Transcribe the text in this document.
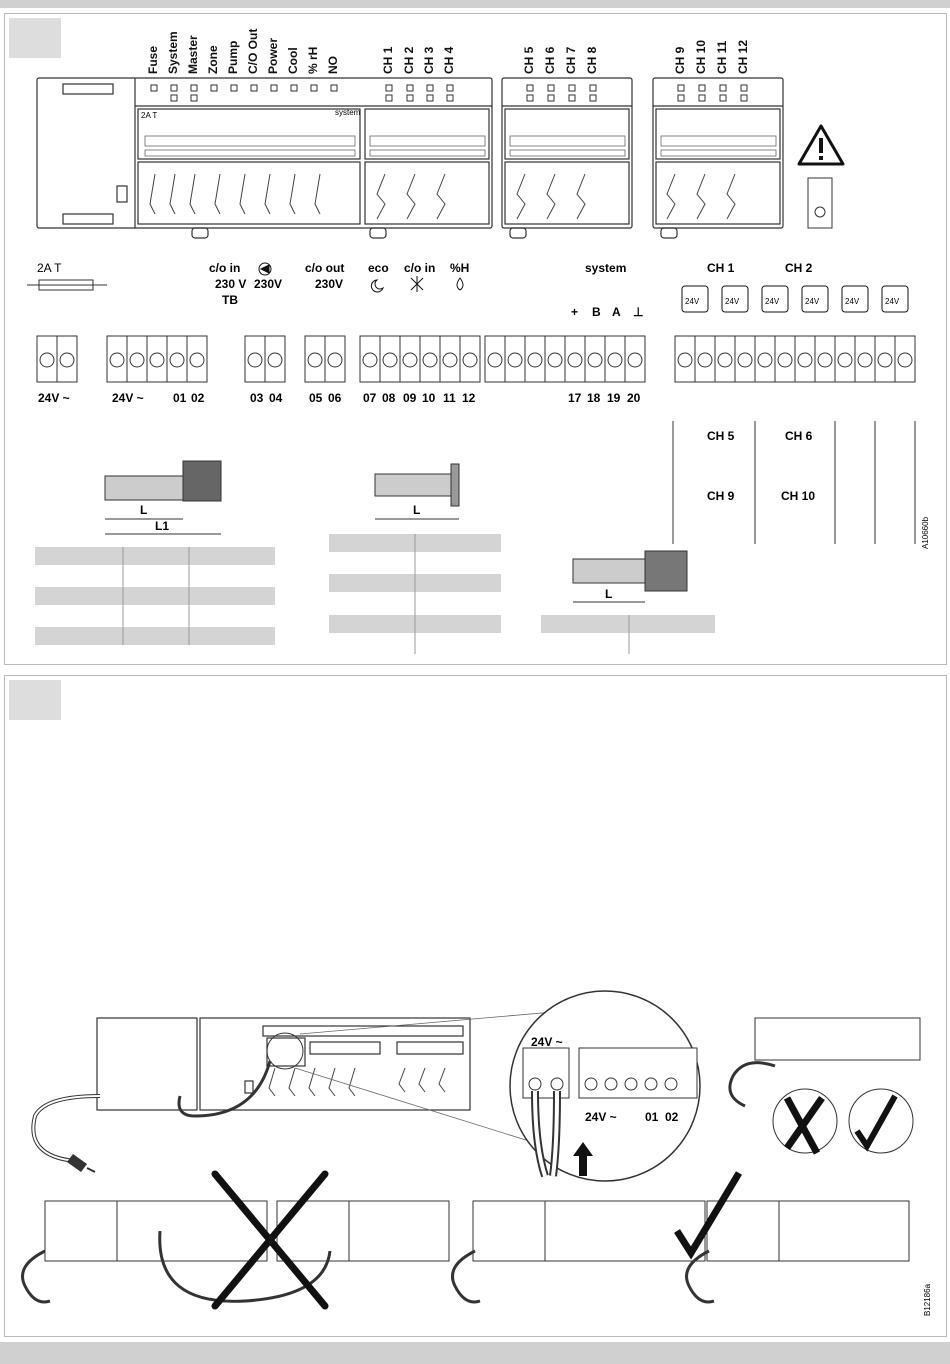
Fuse System Master Zone Pump C/O Out Power Cool % rH NO	CH 1 CH 2 CH 3 CH 4	CH 5 CH 6 CH 7 CH 8	CH 9 CH 10 CH 11 CH 12
2A T	system
2A T	c/o in
230 V
TB
230V
c/o out
230V
eco c/o in %H	system	CH 1	CH 2
+ B A ⊥
24V	24V	24V	24V	24V	24V
24V ~	24V ~ 01 02	03 04 05 06 07 08 09 10 11 12	17 18 19 20
CH 5	CH 6
CH 9	CH 10
A10660b
L
L1
L
L
24V ~
24V ~ 01 02
B12186a
